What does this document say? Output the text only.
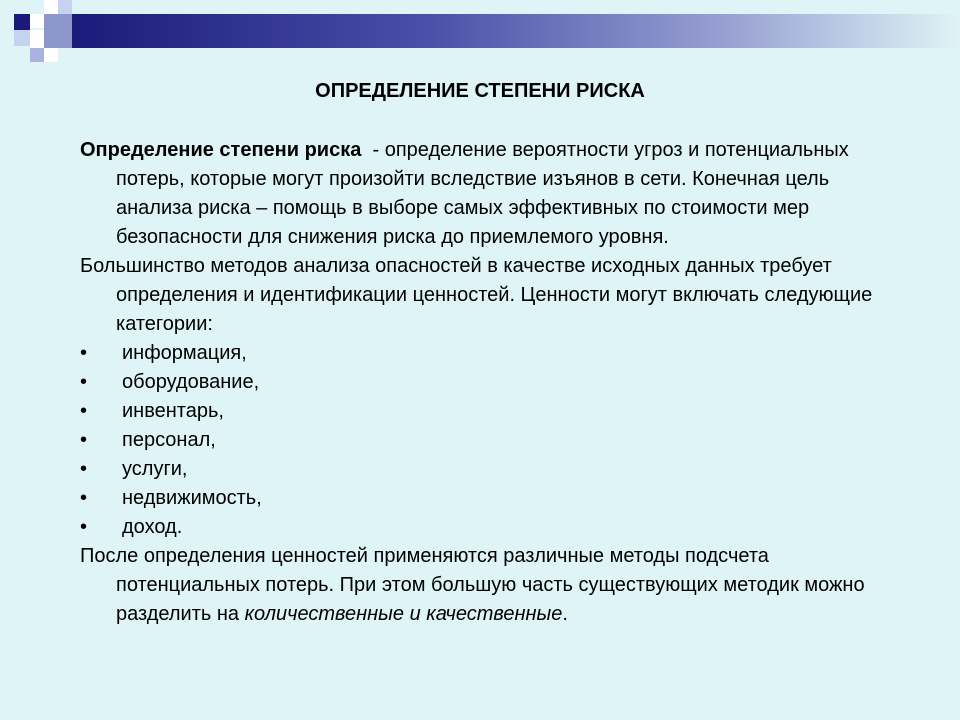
ОПРЕДЕЛЕНИЕ СТЕПЕНИ РИСКА

Определение степени риска  - определение вероятности угроз и потенциальных потерь, которые могут произойти вследствие изъянов в сети. Конечная цель анализа риска – помощь в выборе самых эффективных по стоимости мер безопасности для снижения риска до приемлемого уровня.

Большинство методов анализа опасностей в качестве исходных данных требует определения и идентификации ценностей. Ценности могут включать следующие категории:

• информация,
• оборудование,
• инвентарь,
• персонал,
• услуги,
• недвижимость,
• доход.

После определения ценностей применяются различные методы подсчета потенциальных потерь. При этом большую часть существующих методик можно разделить на количественные и качественные.
